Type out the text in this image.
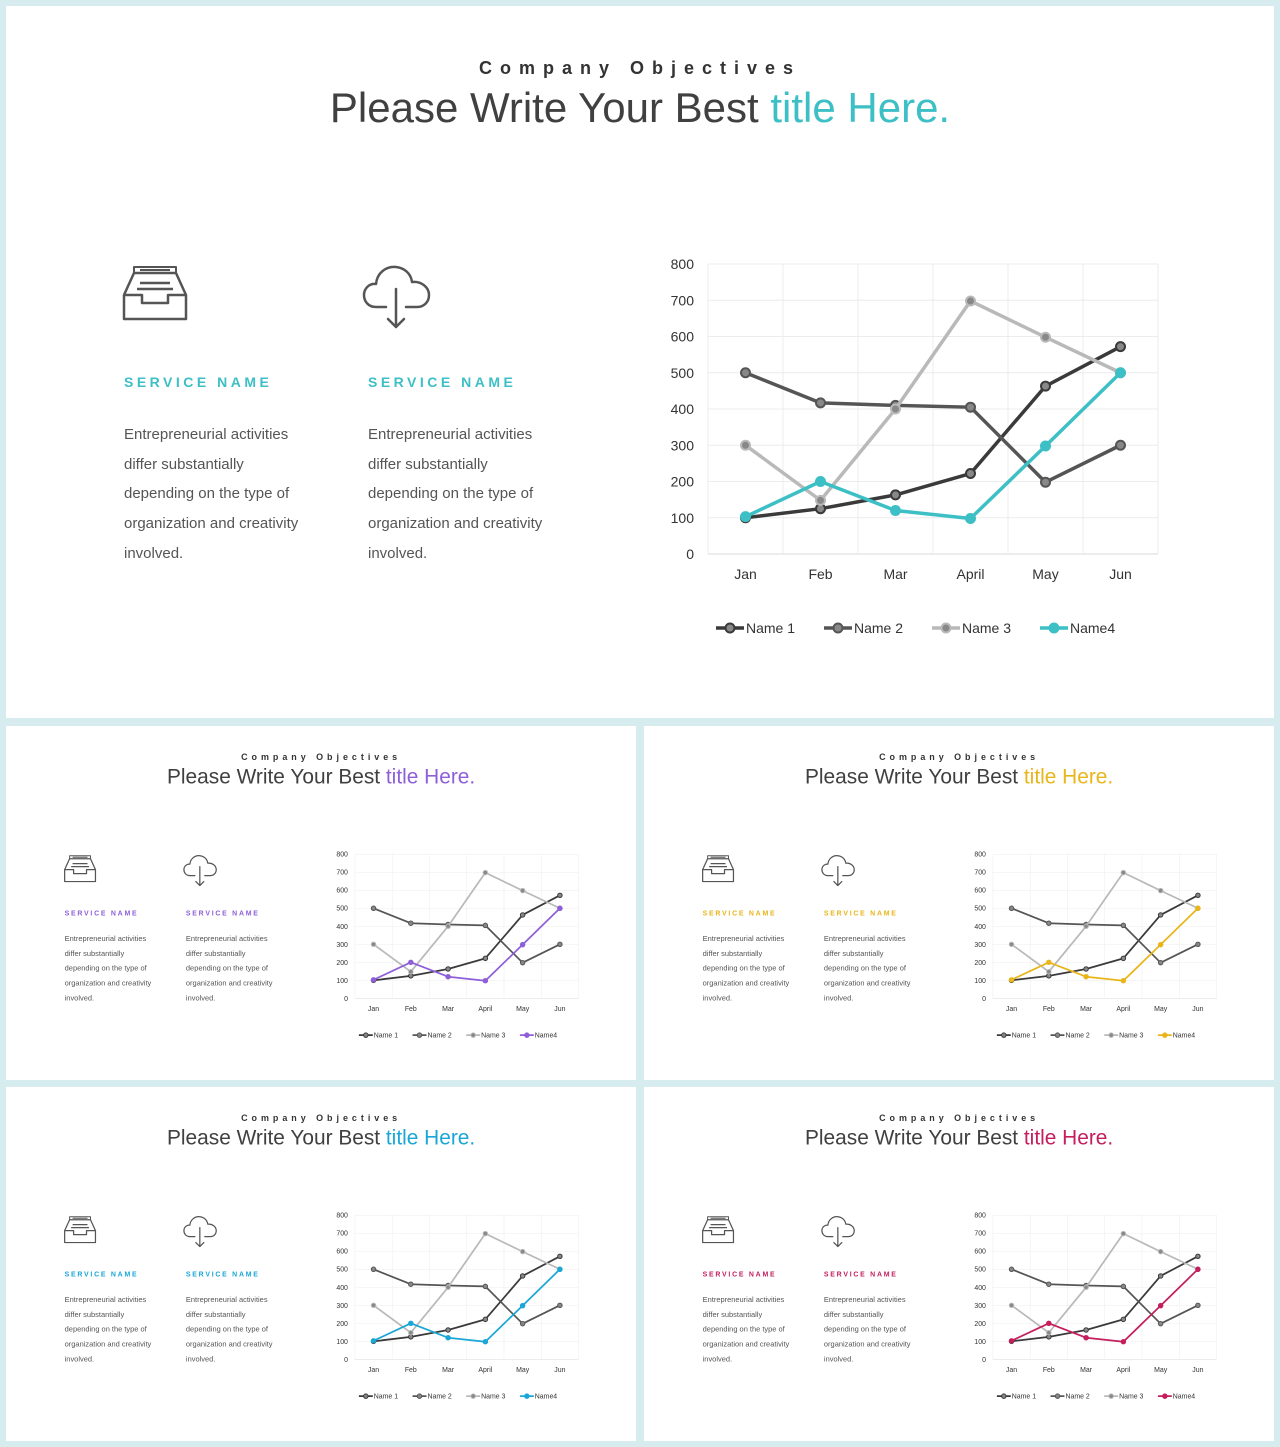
Company Objectives
Please Write Your Best title Here.
SERVICE NAME
Entrepreneurial activities
differ substantially
depending on the type of
organization and creativity
involved.
SERVICE NAME
Entrepreneurial activities
differ substantially
depending on the type of
organization and creativity
involved.	0
100
200
300
400
500
600
700
800
Jan	Feb	Mar	April	May	Jun
Name 1	Name 2	Name 3	Name4
Company Objectives
Please Write Your Best title Here.
SERVICE NAME
Entrepreneurial activities
differ substantially
depending on the type of
organization and creativity
involved.
SERVICE NAME
Entrepreneurial activities
differ substantially
depending on the type of
organization and creativity
involved.	0
100
200
300
400
500
600
700
800
Jan Feb Mar April May Jun
Name 1 Name 2 Name 3 Name4
Company Objectives
Please Write Your Best title Here.
SERVICE NAME
Entrepreneurial activities
differ substantially
depending on the type of
organization and creativity
involved.
SERVICE NAME
Entrepreneurial activities
differ substantially
depending on the type of
organization and creativity
involved.	0
100
200
300
400
500
600
700
800
Jan Feb Mar April May Jun
Name 1 Name 2 Name 3 Name4
Company Objectives
Please Write Your Best title Here.
SERVICE NAME
Entrepreneurial activities
differ substantially
depending on the type of
organization and creativity
involved.
SERVICE NAME
Entrepreneurial activities
differ substantially
depending on the type of
organization and creativity
involved.	0
100
200
300
400
500
600
700
800
Jan Feb Mar April May Jun
Name 1 Name 2 Name 3 Name4
Company Objectives
Please Write Your Best title Here.
SERVICE NAME
Entrepreneurial activities
differ substantially
depending on the type of
organization and creativity
involved.
SERVICE NAME
Entrepreneurial activities
differ substantially
depending on the type of
organization and creativity
involved.	0
100
200
300
400
500
600
700
800
Jan Feb Mar April May Jun
Name 1 Name 2 Name 3 Name4
